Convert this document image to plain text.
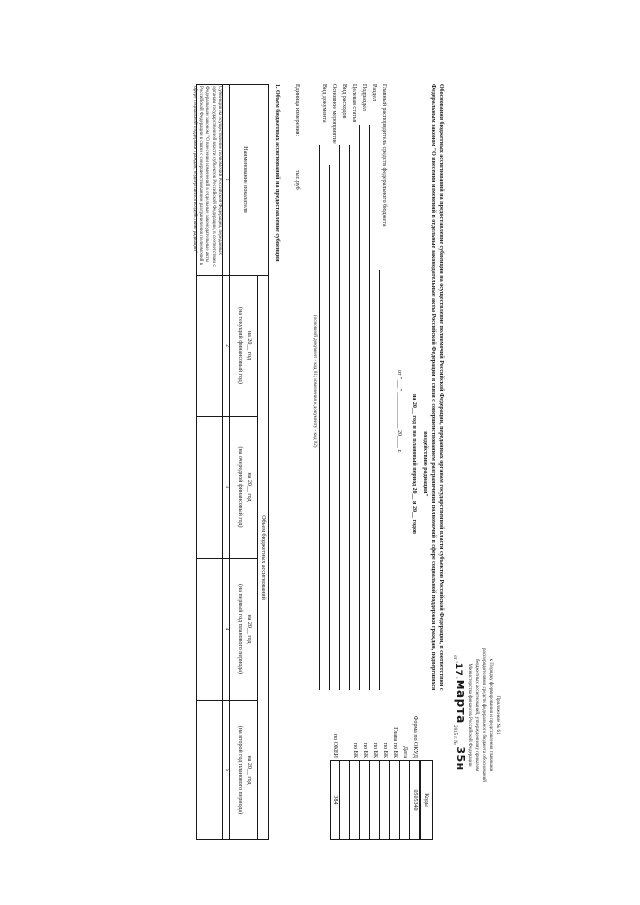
Приложение № 61
к Порядку формирования и представления главными
распорядителями средств федерального бюджета обоснований
бюджетных ассигнований, утвержденному приказом
Министерства финансов Российской Федерации
от "17" марта 2015 г. № 35н
Обоснования бюджетных ассигнований на предоставление субвенции на осуществление полномочий Российской Федерации, переданных органам государственной власти субъектов Российской Федерации, в соответствии с
Федеральным законом "О внесении изменений в отдельные законодательные акты Российской Федерации в связи с совершенствованием разграничения полномочий в сфере социальной поддержки граждан, подвергшихся
воздействию радиации"
на 20__ год и на плановый период 20__ и 20__ годов
от "___" ____________ 20____ г.
Коды
Форма по ОКУД
0505340
Дата
Глава по БК
по БК
по БК
по БК
по БК
по ОКЕИ
384
Главный распорядитель средств федерального бюджета
Раздел
Подраздел
Целевая статья
Вид расходов
Основное мероприятие
Вид документа
(основной документ - код 01; изменения к документу - код 02)
Единица измерения:
тыс.руб
1. Объем бюджетных ассигнований на предоставление субвенции
Наименование показателя
Объем бюджетных ассигнований
на 20__ год
(на текущий финансовый год)
на 20__ год
(на очередной финансовый год)
на 20__ год
(на первый год планового периода)
на 20__ год
(на второй год планового периода)
1
2
3
4
5
Субвенция на осуществление полномочий Российской Федерации, переданных органам государственной власти субъектов Российской Федерации, в соответствии с Федеральным законом "О внесении изменений в отдельные законодательные акты Российской Федерации в связи с совершенствованием разграничения полномочий в сфере социальной поддержки граждан, подвергшихся воздействию радиации"
